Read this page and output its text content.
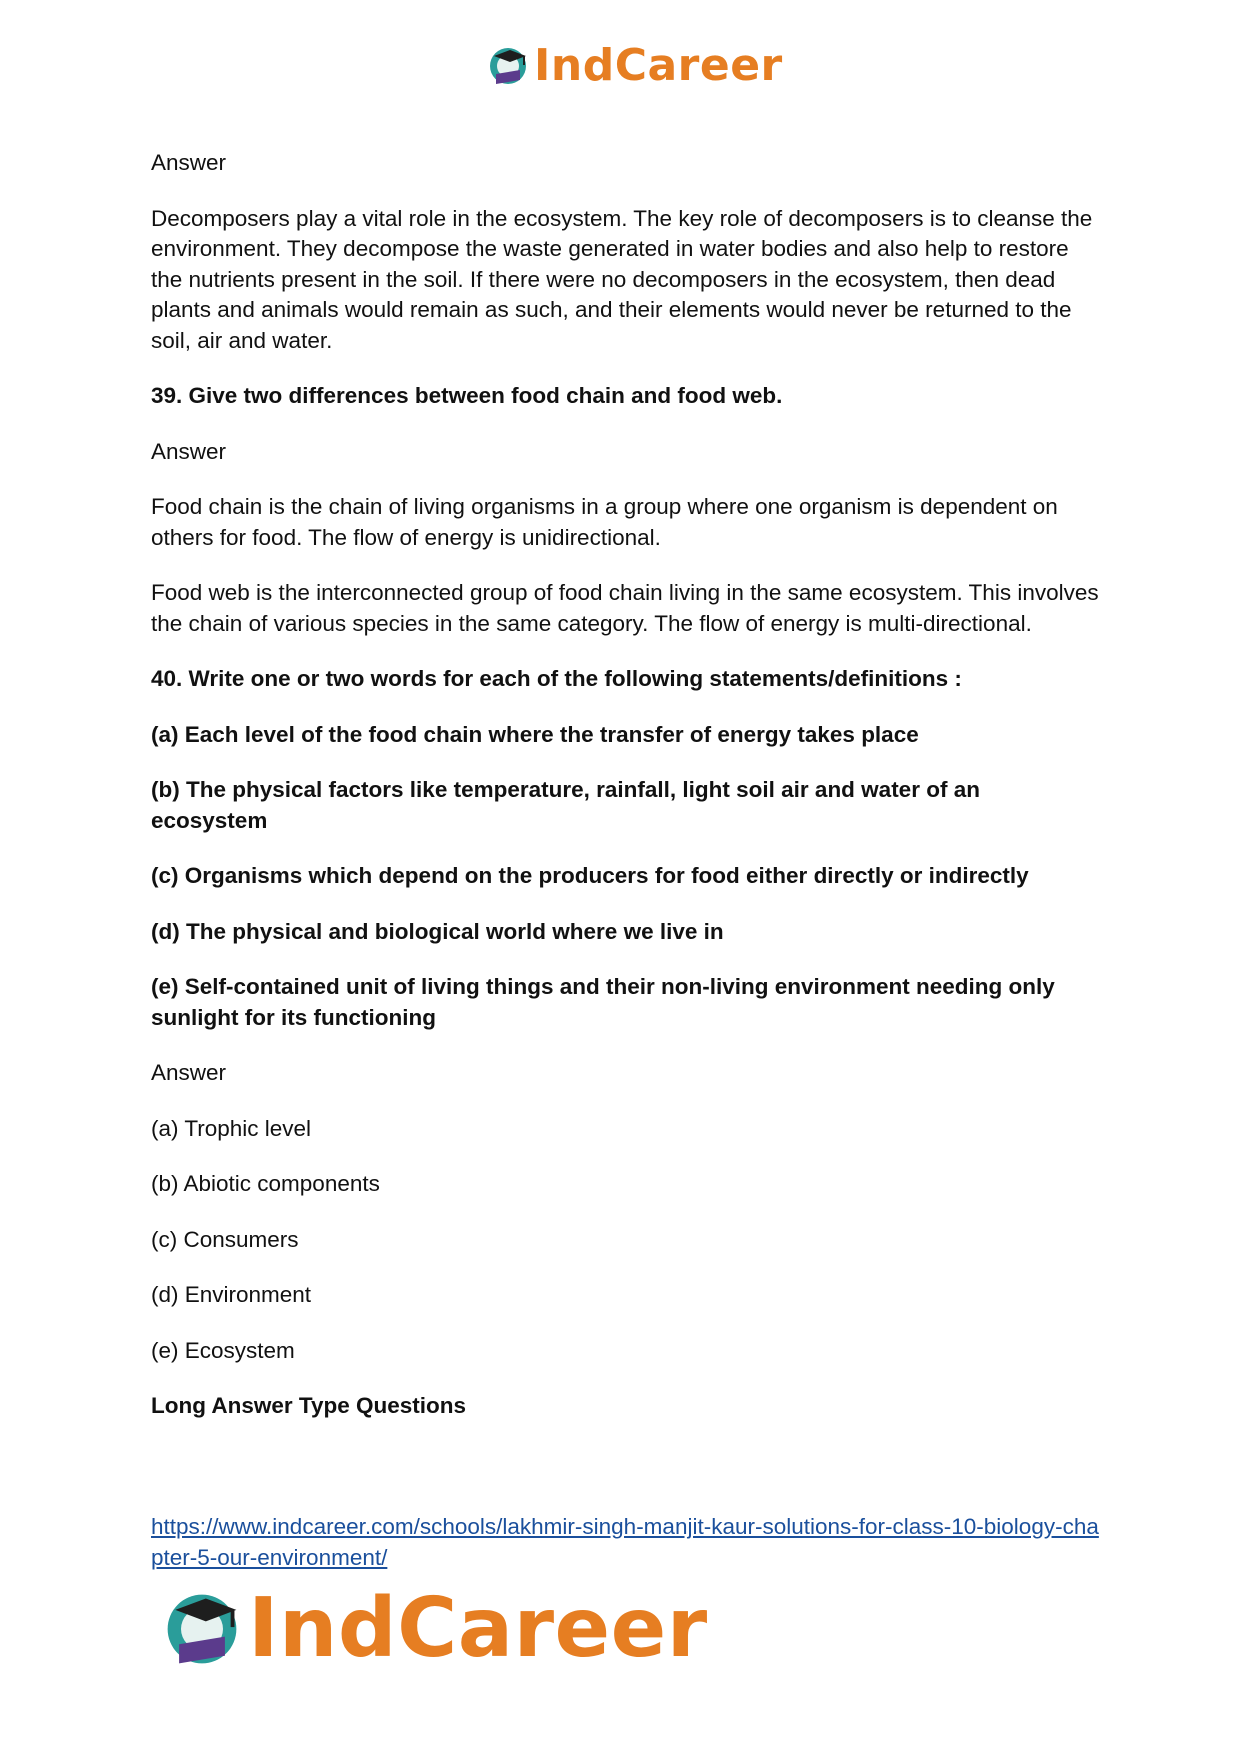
IndCareer

Answer

Decomposers play a vital role in the ecosystem. The key role of decomposers is to cleanse the environment. They decompose the waste generated in water bodies and also help to restore the nutrients present in the soil. If there were no decomposers in the ecosystem, then dead plants and animals would remain as such, and their elements would never be returned to the soil, air and water.

39. Give two differences between food chain and food web.

Answer

Food chain is the chain of living organisms in a group where one organism is dependent on others for food. The flow of energy is unidirectional.

Food web is the interconnected group of food chain living in the same ecosystem. This involves the chain of various species in the same category. The flow of energy is multi-directional.

40. Write one or two words for each of the following statements/definitions :

(a) Each level of the food chain where the transfer of energy takes place

(b) The physical factors like temperature, rainfall, light soil air and water of an ecosystem

(c) Organisms which depend on the producers for food either directly or indirectly

(d) The physical and biological world where we live in

(e) Self-contained unit of living things and their non-living environment needing only sunlight for its functioning

Answer

(a) Trophic level

(b) Abiotic components

(c) Consumers

(d) Environment

(e) Ecosystem

Long Answer Type Questions

https://www.indcareer.com/schools/lakhmir-singh-manjit-kaur-solutions-for-class-10-biology-chapter-5-our-environment/
IndCareer
